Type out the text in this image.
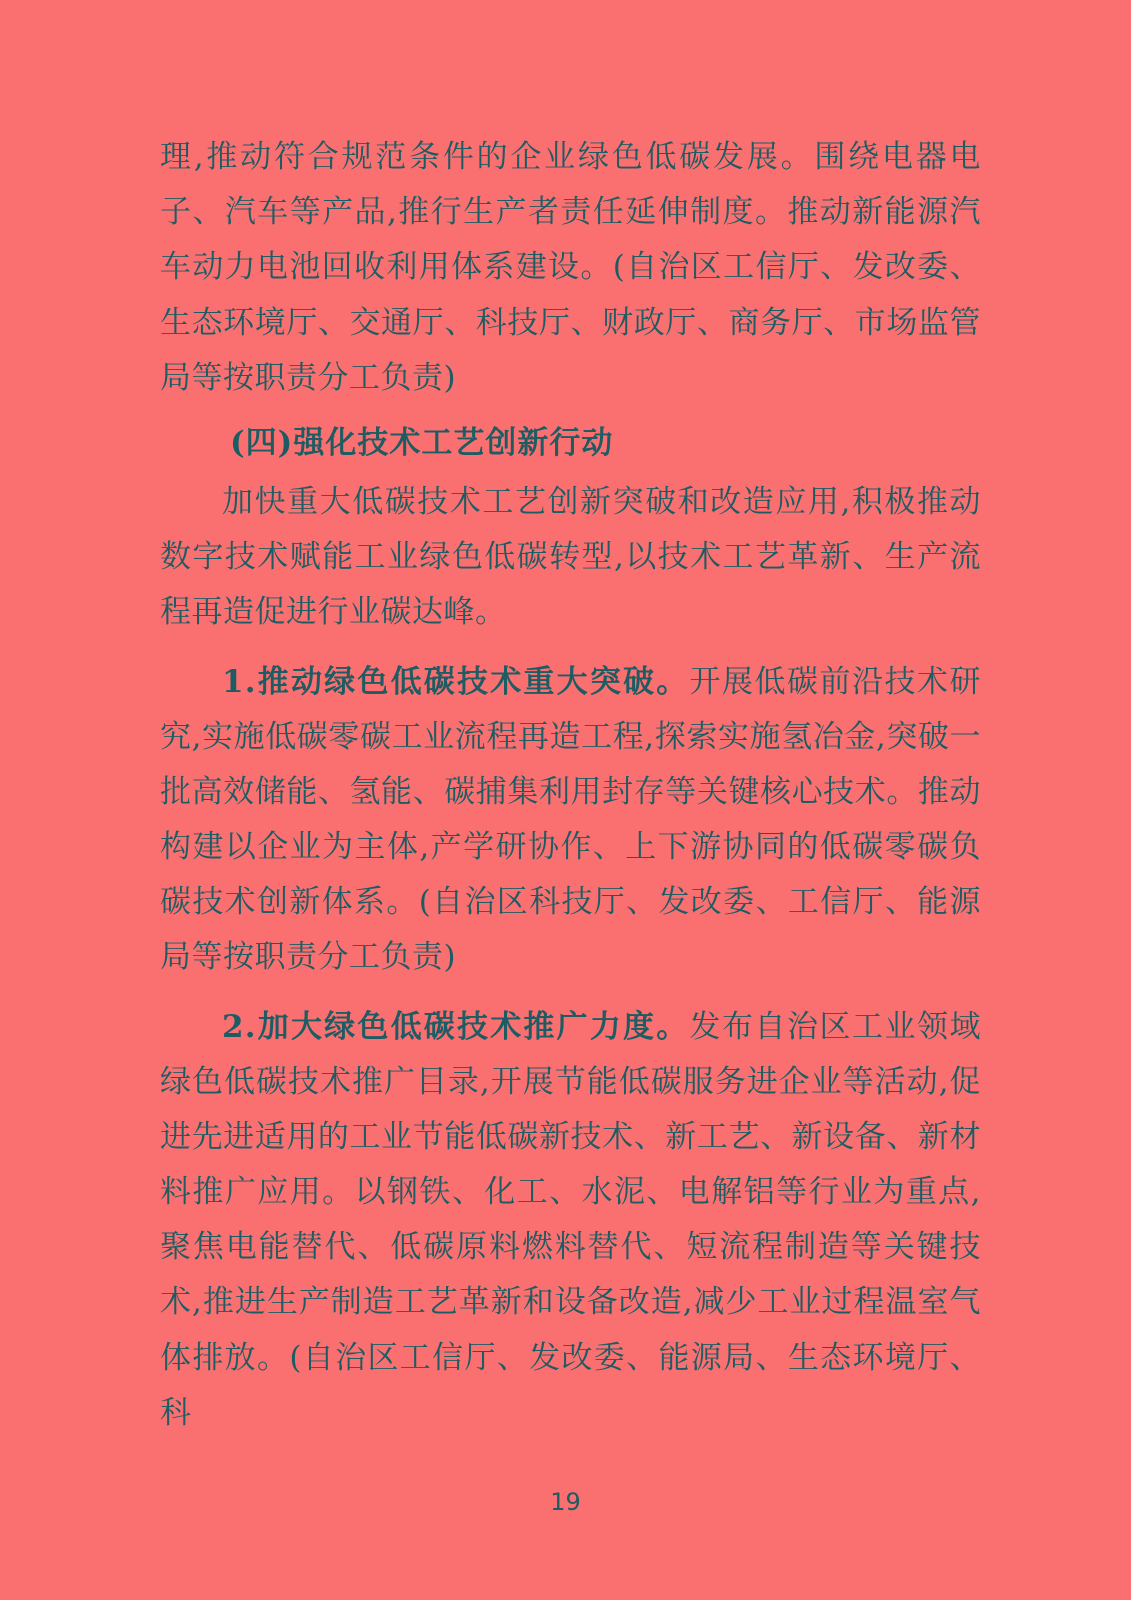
理,推动符合规范条件的企业绿色低碳发展。围绕电器电子、汽车等产品,推行生产者责任延伸制度。推动新能源汽车动力电池回收利用体系建设。(自治区工信厅、发改委、生态环境厅、交通厅、科技厅、财政厅、商务厅、市场监管局等按职责分工负责)

(四)强化技术工艺创新行动

加快重大低碳技术工艺创新突破和改造应用,积极推动数字技术赋能工业绿色低碳转型,以技术工艺革新、生产流程再造促进行业碳达峰。

1.推动绿色低碳技术重大突破。开展低碳前沿技术研究,实施低碳零碳工业流程再造工程,探索实施氢冶金,突破一批高效储能、氢能、碳捕集利用封存等关键核心技术。推动构建以企业为主体,产学研协作、上下游协同的低碳零碳负碳技术创新体系。(自治区科技厅、发改委、工信厅、能源局等按职责分工负责)

2.加大绿色低碳技术推广力度。发布自治区工业领域绿色低碳技术推广目录,开展节能低碳服务进企业等活动,促进先进适用的工业节能低碳新技术、新工艺、新设备、新材料推广应用。以钢铁、化工、水泥、电解铝等行业为重点,聚焦电能替代、低碳原料燃料替代、短流程制造等关键技术,推进生产制造工艺革新和设备改造,减少工业过程温室气体排放。(自治区工信厅、发改委、能源局、生态环境厅、科

19
